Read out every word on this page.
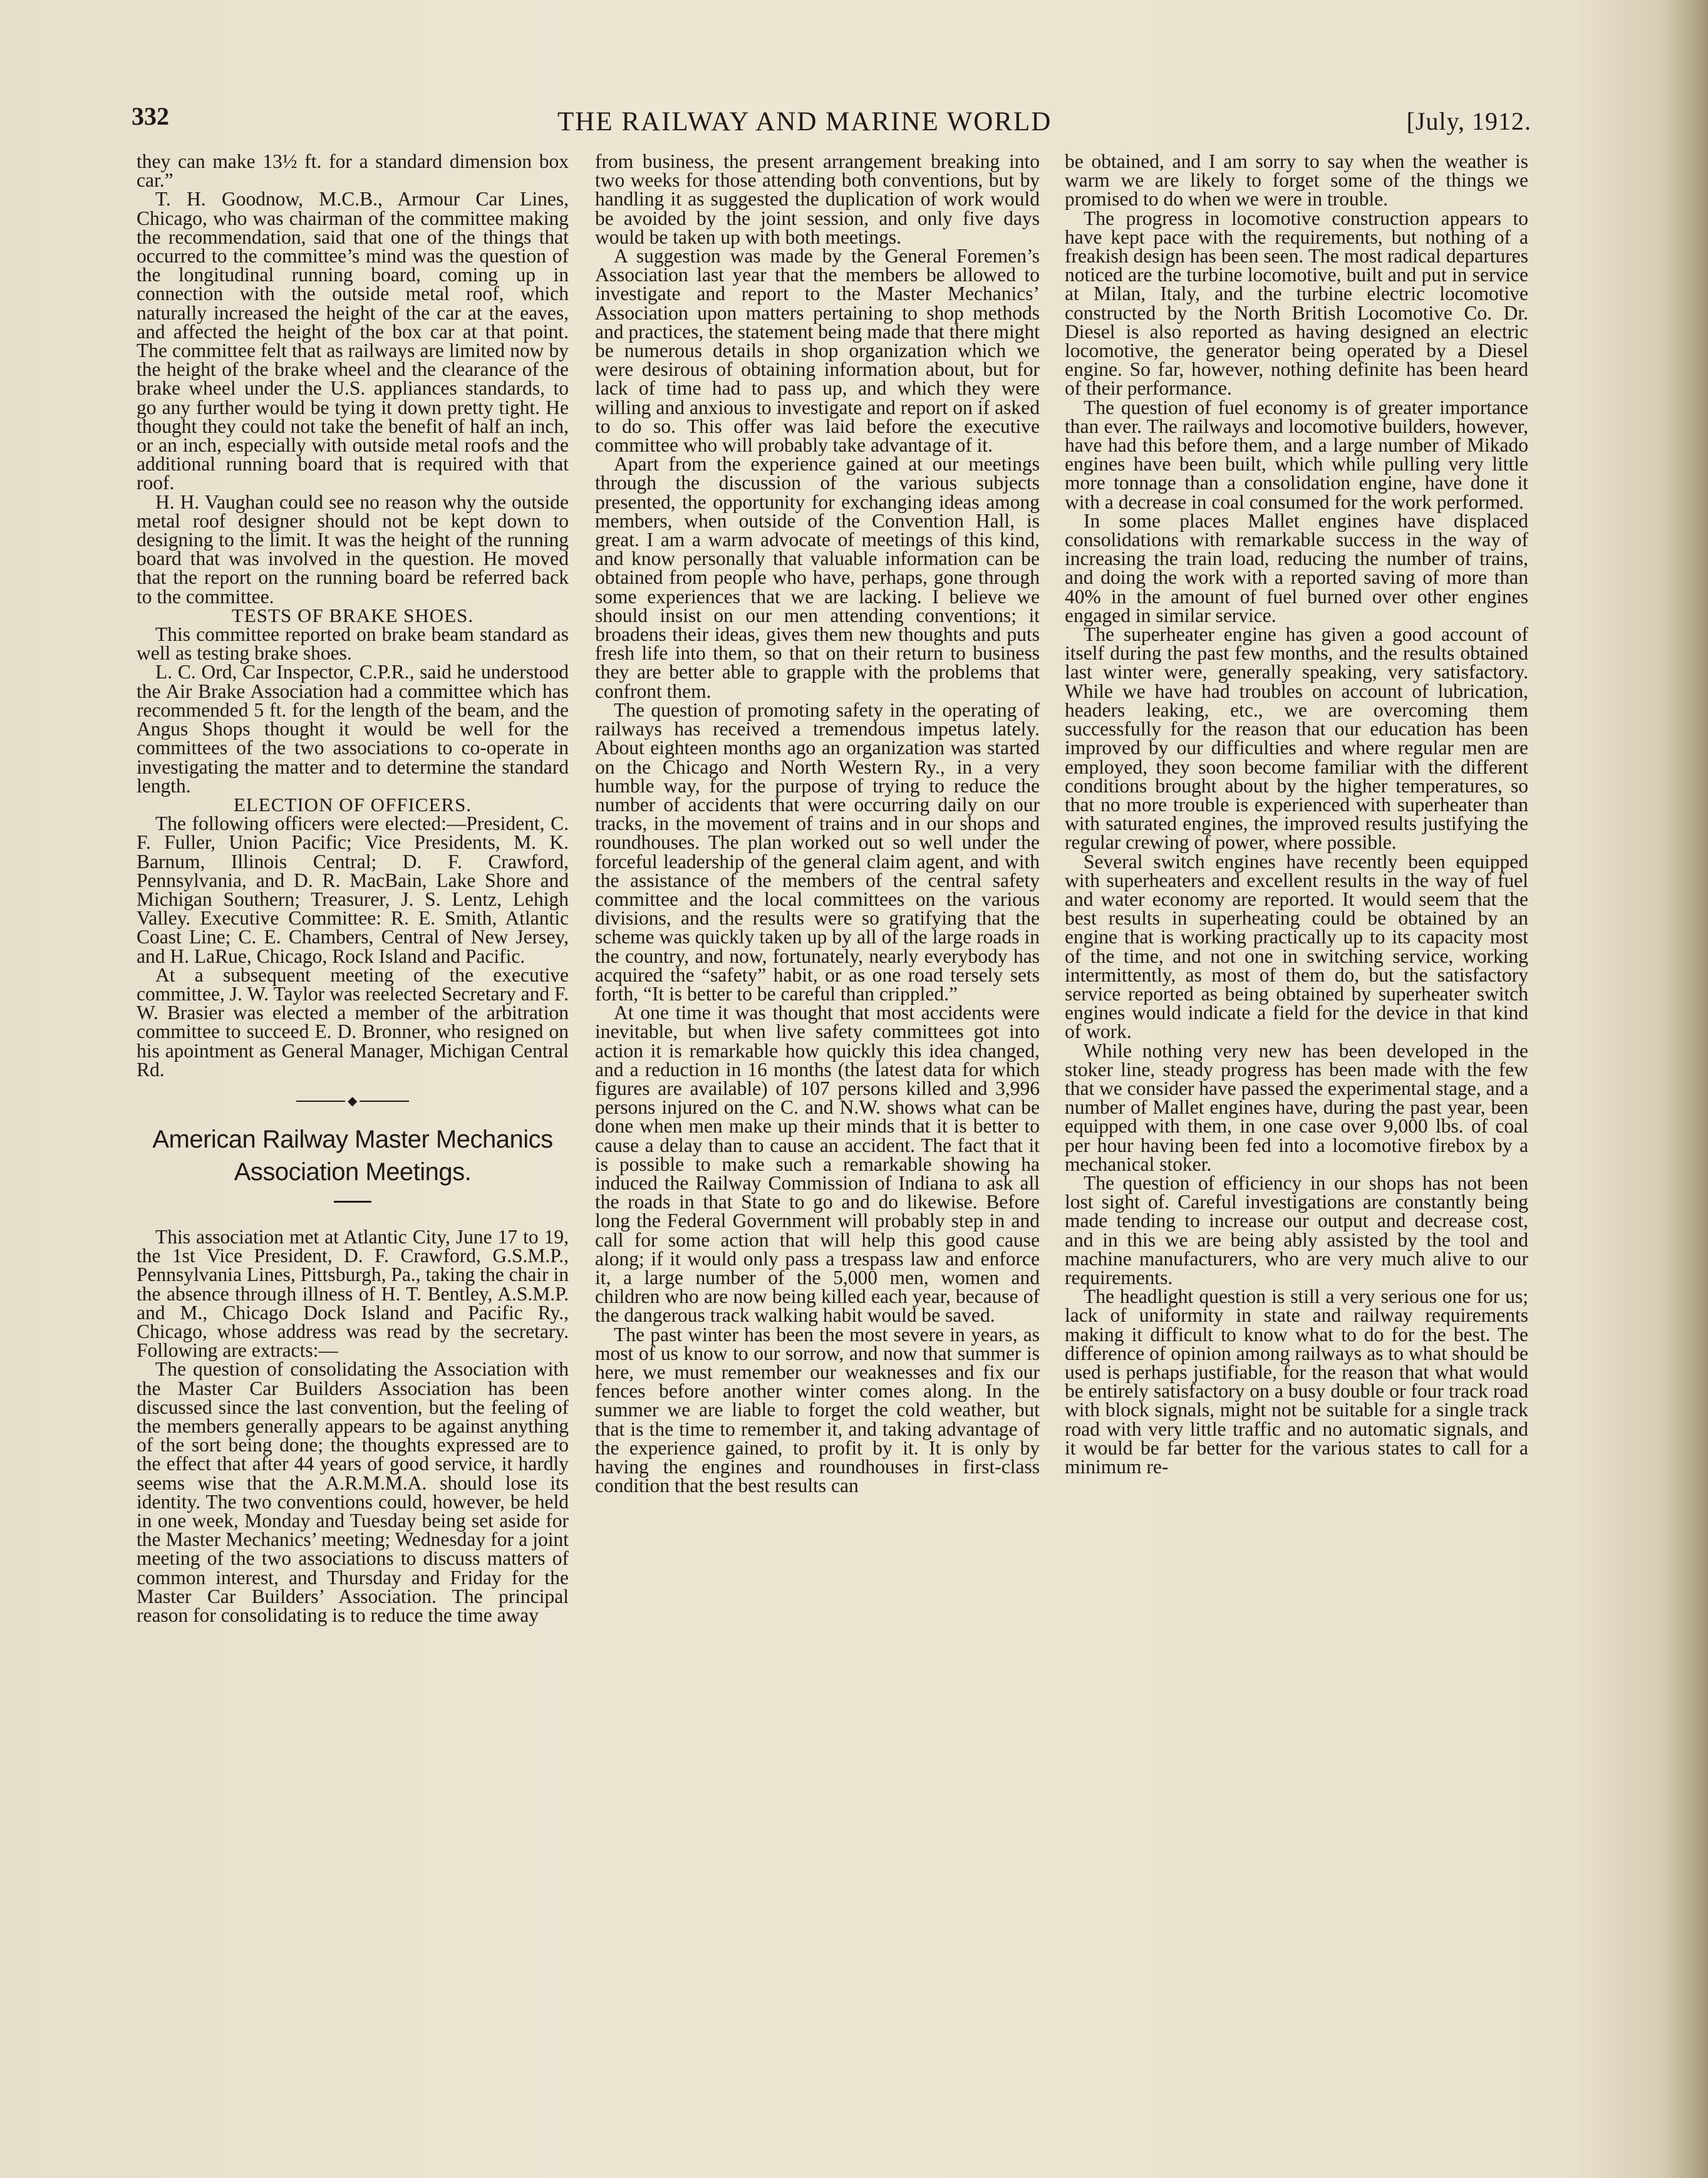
332	THE RAILWAY AND MARINE WORLD	[July, 1912.

they can make 13½ ft. for a standard dimension box car.”

T. H. Goodnow, M.C.B., Armour Car Lines, Chicago, who was chairman of the committee making the recommendation, said that one of the things that occurred to the committee’s mind was the question of the longitudinal running board, coming up in connection with the outside metal roof, which naturally increased the height of the car at the eaves, and affected the height of the box car at that point. The committee felt that as railways are limited now by the height of the brake wheel and the clearance of the brake wheel under the U.S. appliances standards, to go any further would be tying it down pretty tight. He thought they could not take the benefit of half an inch, or an inch, especially with outside metal roofs and the additional running board that is required with that roof.

H. H. Vaughan could see no reason why the outside metal roof designer should not be kept down to designing to the limit. It was the height of the running board that was involved in the question. He moved that the report on the running board be referred back to the committee.

TESTS OF BRAKE SHOES.

This committee reported on brake beam standard as well as testing brake shoes.

L. C. Ord, Car Inspector, C.P.R., said he understood the Air Brake Association had a committee which has recommended 5 ft. for the length of the beam, and the Angus Shops thought it would be well for the committees of the two associations to co-operate in investigating the matter and to determine the standard length.

ELECTION OF OFFICERS.

The following officers were elected:—President, C. F. Fuller, Union Pacific; Vice Presidents, M. K. Barnum, Illinois Central; D. F. Crawford, Pennsylvania, and D. R. MacBain, Lake Shore and Michigan Southern; Treasurer, J. S. Lentz, Lehigh Valley. Executive Committee: R. E. Smith, Atlantic Coast Line; C. E. Chambers, Central of New Jersey, and H. LaRue, Chicago, Rock Island and Pacific.

At a subsequent meeting of the executive committee, J. W. Taylor was reelected Secretary and F. W. Brasier was elected a member of the arbitration committee to succeed E. D. Bronner, who resigned on his apointment as General Manager, Michigan Central Rd.

◆
American Railway Master Mechanics Association Meetings.

This association met at Atlantic City, June 17 to 19, the 1st Vice President, D. F. Crawford, G.S.M.P., Pennsylvania Lines, Pittsburgh, Pa., taking the chair in the absence through illness of H. T. Bentley, A.S.M.P. and M., Chicago Dock Island and Pacific Ry., Chicago, whose address was read by the secretary. Following are extracts:—

The question of consolidating the Association with the Master Car Builders Association has been discussed since the last convention, but the feeling of the members generally appears to be against anything of the sort being done; the thoughts expressed are to the effect that after 44 years of good service, it hardly seems wise that the A.R.M.M.A. should lose its identity. The two conventions could, however, be held in one week, Monday and Tuesday being set aside for the Master Mechanics’ meeting; Wednesday for a joint meeting of the two associations to discuss matters of common interest, and Thursday and Friday for the Master Car Builders’ Association. The principal reason for consolidating is to reduce the time away

from business, the present arrangement breaking into two weeks for those attending both conventions, but by handling it as suggested the duplication of work would be avoided by the joint session, and only five days would be taken up with both meetings.

A suggestion was made by the General Foremen’s Association last year that the members be allowed to investigate and report to the Master Mechanics’ Association upon matters pertaining to shop methods and practices, the statement being made that there might be numerous details in shop organization which we were desirous of obtaining information about, but for lack of time had to pass up, and which they were willing and anxious to investigate and report on if asked to do so. This offer was laid before the executive committee who will probably take advantage of it.

Apart from the experience gained at our meetings through the discussion of the various subjects presented, the opportunity for exchanging ideas among members, when outside of the Convention Hall, is great. I am a warm advocate of meetings of this kind, and know personally that valuable information can be obtained from people who have, perhaps, gone through some experiences that we are lacking. I believe we should insist on our men attending conventions; it broadens their ideas, gives them new thoughts and puts fresh life into them, so that on their return to business they are better able to grapple with the problems that confront them.

The question of promoting safety in the operating of railways has received a tremendous impetus lately. About eighteen months ago an organization was started on the Chicago and North Western Ry., in a very humble way, for the purpose of trying to reduce the number of accidents that were occurring daily on our tracks, in the movement of trains and in our shops and roundhouses. The plan worked out so well under the forceful leadership of the general claim agent, and with the assistance of the members of the central safety committee and the local committees on the various divisions, and the results were so gratifying that the scheme was quickly taken up by all of the large roads in the country, and now, fortunately, nearly everybody has acquired the “safety” habit, or as one road tersely sets forth, “It is better to be careful than crippled.”

At one time it was thought that most accidents were inevitable, but when live safety committees got into action it is remarkable how quickly this idea changed, and a reduction in 16 months (the latest data for which figures are available) of 107 persons killed and 3,996 persons injured on the C. and N.W. shows what can be done when men make up their minds that it is better to cause a delay than to cause an accident. The fact that it is possible to make such a remarkable showing ha induced the Railway Commission of Indiana to ask all the roads in that State to go and do likewise. Before long the Federal Government will probably step in and call for some action that will help this good cause along; if it would only pass a trespass law and enforce it, a large number of the 5,000 men, women and children who are now being killed each year, because of the dangerous track walking habit would be saved.

The past winter has been the most severe in years, as most of us know to our sorrow, and now that summer is here, we must remember our weaknesses and fix our fences before another winter comes along. In the summer we are liable to forget the cold weather, but that is the time to remember it, and taking advantage of the experience gained, to profit by it. It is only by having the engines and roundhouses in first-class condition that the best results can

be obtained, and I am sorry to say when the weather is warm we are likely to forget some of the things we promised to do when we were in trouble.

The progress in locomotive construction appears to have kept pace with the requirements, but nothing of a freakish design has been seen. The most radical departures noticed are the turbine locomotive, built and put in service at Milan, Italy, and the turbine electric locomotive constructed by the North British Locomotive Co. Dr. Diesel is also reported as having designed an electric locomotive, the generator being operated by a Diesel engine. So far, however, nothing definite has been heard of their performance.

The question of fuel economy is of greater importance than ever. The railways and locomotive builders, however, have had this before them, and a large number of Mikado engines have been built, which while pulling very little more tonnage than a consolidation engine, have done it with a decrease in coal consumed for the work performed.

In some places Mallet engines have displaced consolidations with remarkable success in the way of increasing the train load, reducing the number of trains, and doing the work with a reported saving of more than 40% in the amount of fuel burned over other engines engaged in similar service.

The superheater engine has given a good account of itself during the past few months, and the results obtained last winter were, generally speaking, very satisfactory. While we have had troubles on account of lubrication, headers leaking, etc., we are overcoming them successfully for the reason that our education has been improved by our difficulties and where regular men are employed, they soon become familiar with the different conditions brought about by the higher temperatures, so that no more trouble is experienced with superheater than with saturated engines, the improved results justifying the regular crewing of power, where possible.

Several switch engines have recently been equipped with superheaters and excellent results in the way of fuel and water economy are reported. It would seem that the best results in superheating could be obtained by an engine that is working practically up to its capacity most of the time, and not one in switching service, working intermittently, as most of them do, but the satisfactory service reported as being obtained by superheater switch engines would indicate a field for the device in that kind of work.

While nothing very new has been developed in the stoker line, steady progress has been made with the few that we consider have passed the experimental stage, and a number of Mallet engines have, during the past year, been equipped with them, in one case over 9,000 lbs. of coal per hour having been fed into a locomotive firebox by a mechanical stoker.

The question of efficiency in our shops has not been lost sight of. Careful investigations are constantly being made tending to increase our output and decrease cost, and in this we are being ably assisted by the tool and machine manufacturers, who are very much alive to our requirements.

The headlight question is still a very serious one for us; lack of uniformity in state and railway requirements making it difficult to know what to do for the best. The difference of opinion among railways as to what should be used is perhaps justifiable, for the reason that what would be entirely satisfactory on a busy double or four track road with block signals, might not be suitable for a single track road with very little traffic and no automatic signals, and it would be far better for the various states to call for a minimum re-
